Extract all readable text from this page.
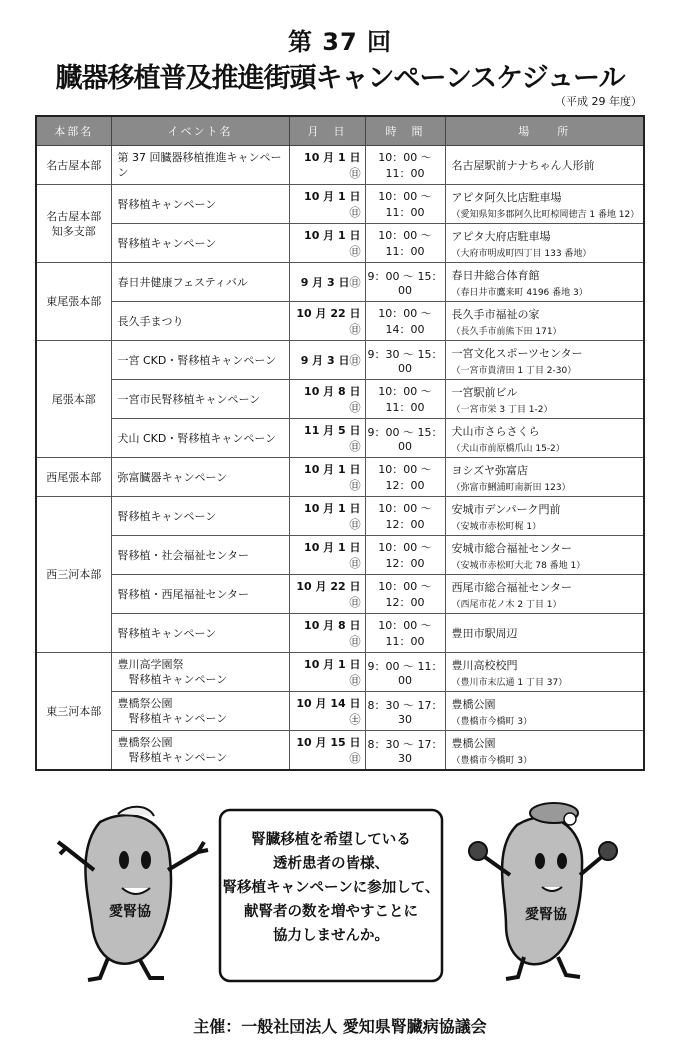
第 37 回
臓器移植普及推進街頭キャンペーンスケジュール
（平成 29 年度）
本部名	イベント名	月　日	時　間	場　　所
名古屋本部	第 37 回臓器移植推進キャンペーン	10 月 1 日㊐	10：00 ～ 11：00	名古屋駅前ナナちゃん人形前

名古屋本部
知多支部	腎移植キャンペーン	10 月 1 日㊐	10：00 ～ 11：00	アピタ阿久比店駐車場
（愛知県知多郡阿久比町椋岡徳吉 1 番地 12）

	腎移植キャンペーン	10 月 1 日㊐	10：00 ～ 11：00	アピタ大府店駐車場
（大府市明成町四丁目 133 番地）

東尾張本部	春日井健康フェスティバル	9 月 3 日㊐	9：00 ～ 15：00	春日井総合体育館
（春日井市鷹来町 4196 番地 3）

	長久手まつり	10 月 22 日㊐	10：00 ～ 14：00	長久手市福祉の家
（長久手市前熊下田 171）

尾張本部	一宮 CKD・腎移植キャンペーン	9 月 3 日㊐	9：30 ～ 15：00	一宮文化スポーツセンター
（一宮市貴清田 1 丁目 2-30）

	一宮市民腎移植キャンペーン	10 月 8 日㊐	10：00 ～ 11：00	一宮駅前ビル
（一宮市栄 3 丁目 1-2）

	犬山 CKD・腎移植キャンペーン	11 月 5 日㊐	9：00 ～ 15：00	犬山市さらさくら
（犬山市前原橋爪山 15-2）

西尾張本部	弥富臓器キャンペーン	10 月 1 日㊐	10：00 ～ 12：00	ヨシズヤ弥富店
（弥富市鯏浦町南新田 123）

西三河本部	腎移植キャンペーン	10 月 1 日㊐	10：00 ～ 12：00	安城市デンパーク門前
（安城市赤松町梶 1）

	腎移植・社会福祉センター	10 月 1 日㊐	10：00 ～ 12：00	安城市総合福祉センター
（安城市赤松町大北 78 番地 1）

	腎移植・西尾福祉センター	10 月 22 日㊐	10：00 ～ 12：00	西尾市総合福祉センター
（西尾市花ノ木 2 丁目 1）

	腎移植キャンペーン	10 月 8 日㊐	10：00 ～ 11：00	豊田市駅周辺

東三河本部	豊川高学園祭
　腎移植キャンペーン	10 月 1 日㊐	9：00 ～ 11：00	豊川高校校門
（豊川市末広通 1 丁目 37）

	豊橋祭公園
　腎移植キャンペーン	10 月 14 日㊏	8：30 ～ 17：30	豊橋公園
（豊橋市今橋町 3）

	豊橋祭公園
　腎移植キャンペーン	10 月 15 日㊐	8：30 ～ 17：30	豊橋公園
（豊橋市今橋町 3）
愛腎協
腎臓移植を希望している
透析患者の皆様、
腎移植キャンペーンに参加して、
献腎者の数を増やすことに
協力しませんか。
愛腎協
主催：一般社団法人 愛知県腎臓病協議会
